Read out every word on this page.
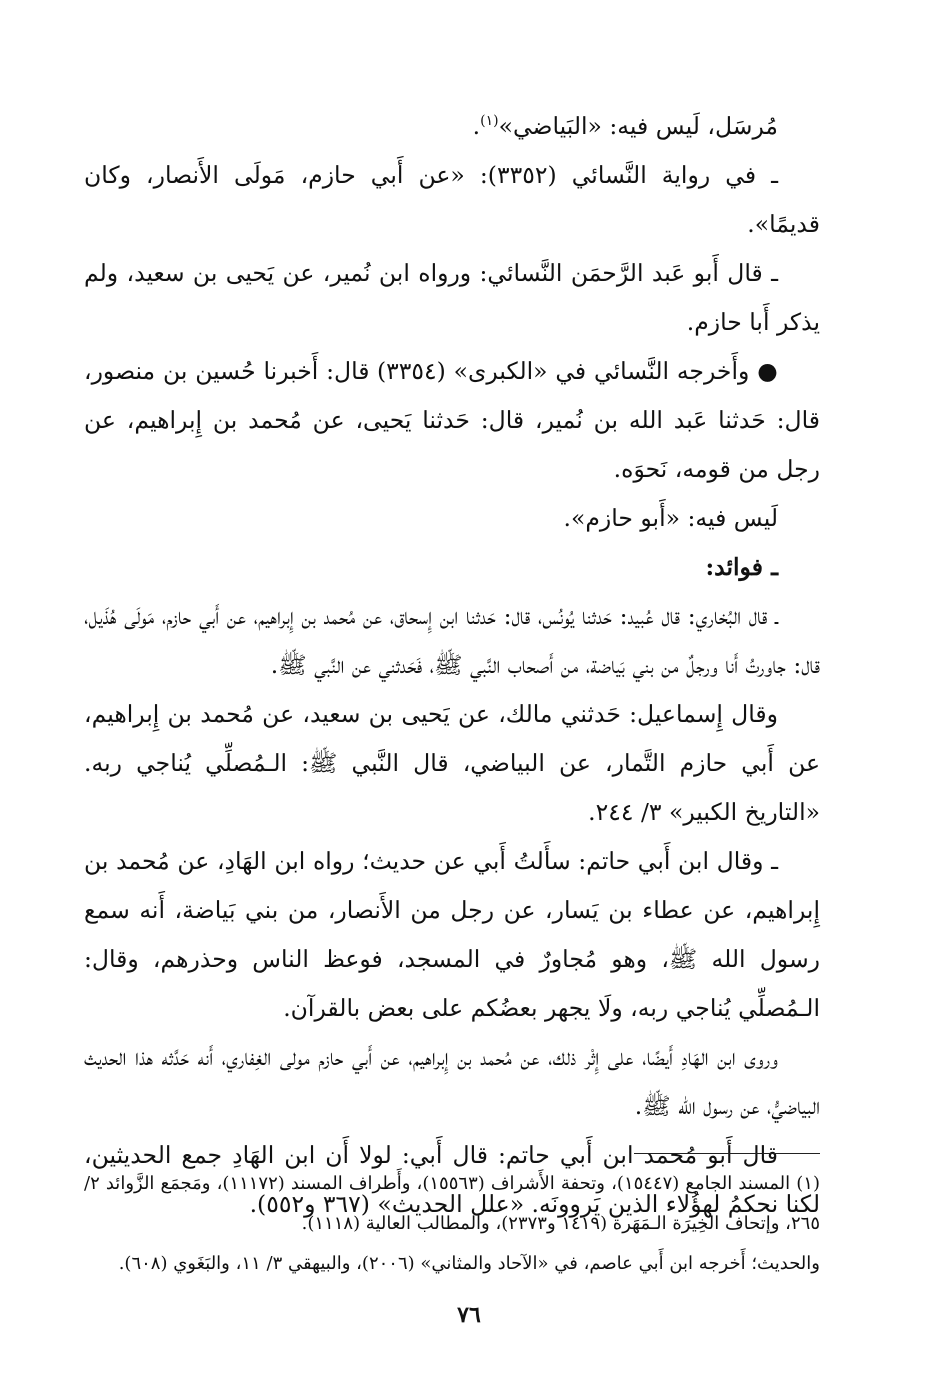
مُرسَل، لَيس فيه: «البَياضي»$^{(١)}$.

ـ في رواية النَّسائي (٣٣٥٢): «عن أَبي حازم، مَولَى الأَنصار، وكان قديمًا».

ـ قال أَبو عَبد الرَّحمَن النَّسائي: ورواه ابن نُمير، عن يَحيى بن سعيد، ولم يذكر أَبا حازم.

● وأَخرجه النَّسائي في «الكبرى» (٣٣٥٤) قال: أَخبرنا حُسين بن منصور، قال: حَدثنا عَبد الله بن نُمير، قال: حَدثنا يَحيى، عن مُحمد بن إِبراهيم، عن رجل من قومه، نَحوَه.

لَيس فيه: «أَبو حازم».

ـ فوائد:

ـ قال البُخاري: قال عُبيد: حَدثنا يُونُس، قال: حَدثنا ابن إِسحاق، عن مُحمد بن إِبراهيم، عن أَبي حازم، مَولَى هُذَيل، قال: جاورتُ أَنا ورجلٌ من بني بَياضة، من أَصحاب النَّبي ﷺ، فَحَدثني عن النَّبي ﷺ.

وقال إِسماعيل: حَدثني مالك، عن يَحيى بن سعيد، عن مُحمد بن إِبراهيم، عن أَبي حازم التَّمار، عن البياضي، قال النَّبي ﷺ: الـمُصلِّي يُناجي ربه. «التاريخ الكبير» ٣/ ٢٤٤.

ـ وقال ابن أَبي حاتم: سأَلتُ أَبي عن حديث؛ رواه ابن الهَادِ، عن مُحمد بن إِبراهيم، عن عطاء بن يَسار، عن رجل من الأَنصار، من بني بَياضة، أَنه سمع رسول الله ﷺ، وهو مُجاورٌ في المسجد، فوعظ الناس وحذرهم، وقال: الـمُصلِّي يُناجي ربه، ولَا يجهر بعضُكم على بعض بالقرآن.

وروى ابن الهَادِ أَيضًا، على إِثْر ذلك، عن مُحمد بن إِبراهيم، عن أَبي حازم مولى الغِفاري، أَنه حَدَّثه هذا الحديث البياضيُّ، عن رسول الله ﷺ.

قال أَبو مُحمد ابن أَبي حاتم: قال أَبي: لولا أَن ابن الهَادِ جمع الحديثين، لكنا نحكمُ لهؤُلاء الذين يَروونَه. «علل الحديث» (٣٦٧ و٥٥٢).

(١) المسند الجامع (١٥٤٤٧)، وتحفة الأَشراف (١٥٥٦٣)، وأَطراف المسند (١١١٧٢)، ومَجمَع الزَّوائد ٢/ ٢٦٥، وإتحاف الخِيرَة الـمَهَرة (١٤١٩ و٢٣٧٣)، والمطالب العالية (١١١٨).

والحديث؛ أَخرجه ابن أَبي عاصم، في «الآحاد والمثاني» (٢٠٠٦)، والبيهقي ٣/ ١١، والبَغَوي (٦٠٨).

٧٦
